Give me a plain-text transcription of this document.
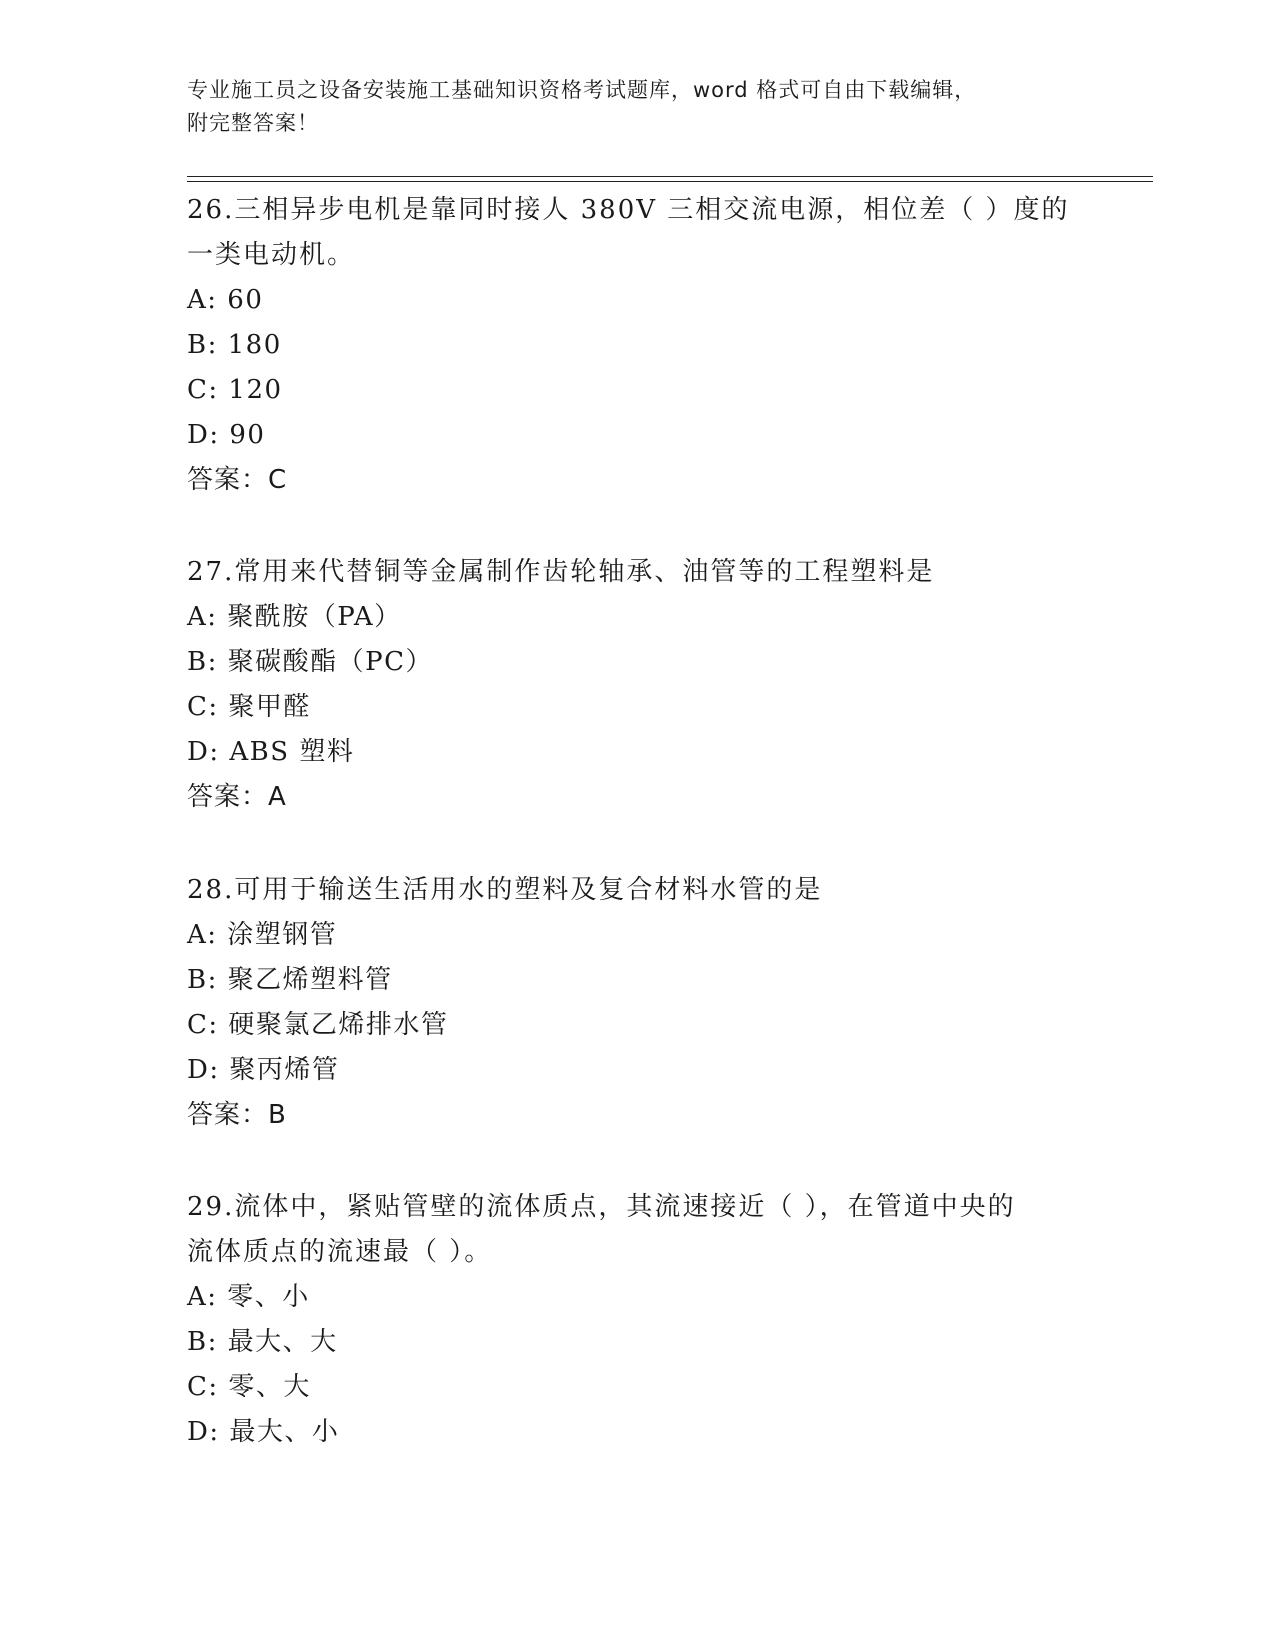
专业施工员之设备安装施工基础知识资格考试题库，word 格式可自由下载编辑，
附完整答案！
26.三相异步电机是靠同时接人 380V 三相交流电源，相位差（ ）度的
一类电动机。
A: 60
B: 180
C: 120
D: 90
答案：C
27.常用来代替铜等金属制作齿轮轴承、油管等的工程塑料是
A: 聚酰胺（PA）
B: 聚碳酸酯（PC）
C: 聚甲醛
D: ABS 塑料
答案：A
28.可用于输送生活用水的塑料及复合材料水管的是
A: 涂塑钢管
B: 聚乙烯塑料管
C: 硬聚氯乙烯排水管
D: 聚丙烯管
答案：B
29.流体中，紧贴管壁的流体质点，其流速接近（ ），在管道中央的
流体质点的流速最（ ）。
A: 零、小
B: 最大、大
C: 零、大
D: 最大、小
